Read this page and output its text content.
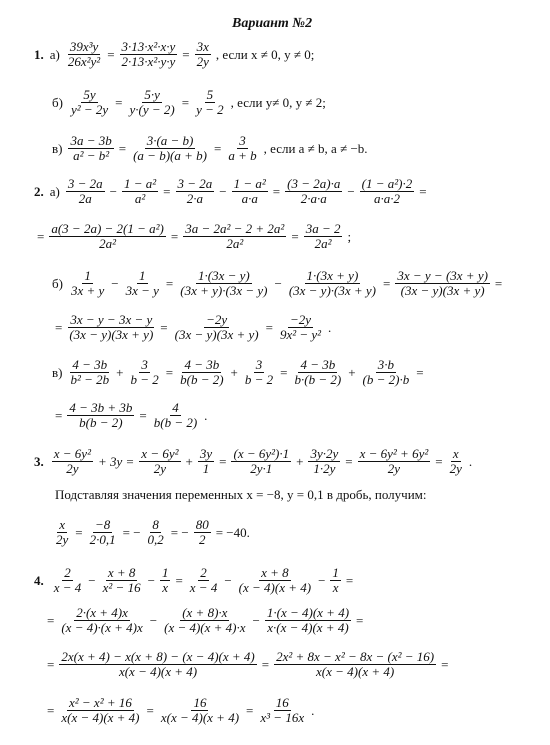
Вариант №2
1. $а) \frac{\text{39x³y}}{\text{26x²y²}} = \frac{\text{3·13·x²·x·y}}{\text{2·13·x²·y·y}} = \frac{3x}{2y}$ , если x ≠ 0, y ≠ 0;
$б) \frac{5y}{\text{y² − 2y}} = \frac{5\cdot y}{y\cdot(y - 2)} = \frac{5}{y - 2}$ , если y≠ 0, y ≠ 2;
$в) \frac{3a - 3b}{\text{a² − b²}} = \frac{3\cdot(a - b)}{(a - b)(a + b)} = \frac{3}{a + b}$ , если a ≠ b, a ≠ −b.
2. $а) \frac{3 - 2a}{2a} - \frac{\text{1 − a²}}{\text{a²}} = \frac{3 - 2a}{2\cdot a} - \frac{\text{1 − a²}}{a\cdot a} = \frac{(3 - 2a)\cdot a}{2\cdot a\cdot a} - \frac{\text{(1 − a²)·2}}{a\cdot a\cdot 2}$ =
= $\frac{\text{a(3 − 2a) − 2(1 − a²)}}{\text{2a²}} = \frac{\text{3a − 2a² − 2 + 2a²}}{\text{2a²}} = \frac{3a - 2}{\text{2a²}}$ ;
$б) \frac{1}{3x + y} - \frac{1}{3x - y} = \frac{1\cdot(3x - y)}{(3x + y)\cdot(3x - y)} - \frac{1\cdot(3x + y)}{(3x - y)\cdot(3x + y)} = \frac{3x - y - (3x + y)}{(3x - y)(3x + y)}$ =
= $\frac{3x - y - 3x - y}{(3x - y)(3x + y)} = \frac{-2y}{(3x - y)(3x + y)} = \frac{-2y}{\text{9x² − y²}}$ .
$в) \frac{4 - 3b}{\text{b² − 2b}} + \frac{3}{b - 2} = \frac{4 - 3b}{b(b - 2)} + \frac{3}{b - 2} = \frac{4 - 3b}{b\cdot(b - 2)} + \frac{3\cdot b}{(b - 2)\cdot b}$ =
= $\frac{4 - 3b + 3b}{b(b - 2)} = \frac{4}{b(b - 2)}$ .
3. $\frac{\text{x − 6y²}}{2y} + 3y = \frac{\text{x − 6y²}}{2y} + \frac{3y}{1} = \frac{\text{(x − 6y²)·1}}{2y\cdot 1} + \frac{3y\cdot 2y}{1\cdot 2y} = \frac{\text{x − 6y² + 6y²}}{2y} = \frac{x}{2y}$ .
Подставляя значения переменных x = −8, y = 0,1 в дробь, получим:
$\frac{x}{2y} = \frac{-8}{2\cdot 0,1}$ = − $\frac{8}{0,2}$ = − $\frac{80}{2} = -40$.
4. $\frac{2}{x - 4} - \frac{x + 8}{\text{x² − 16}} - \frac{1}{x} = \frac{2}{x - 4} - \frac{x + 8}{(x - 4)(x + 4)} - \frac{1}{x}$ =
= $\frac{2\cdot(x + 4)x}{(x - 4)\cdot(x + 4)x} - \frac{(x + 8)\cdot x}{(x - 4)(x + 4)\cdot x} - \frac{1\cdot(x - 4)(x + 4)}{x\cdot(x - 4)(x + 4)}$ =
= $\frac{2x(x + 4) - x(x + 8) - (x - 4)(x + 4)}{x(x - 4)(x + 4)} = \frac{\text{2x² + 8x − x² − 8x − (x² − 16)}}{x(x - 4)(x + 4)}$ =
= $\frac{\text{x² − x² + 16}}{x(x - 4)(x + 4)} = \frac{16}{x(x - 4)(x + 4)} = \frac{16}{\text{x³ − 16x}}$ .
